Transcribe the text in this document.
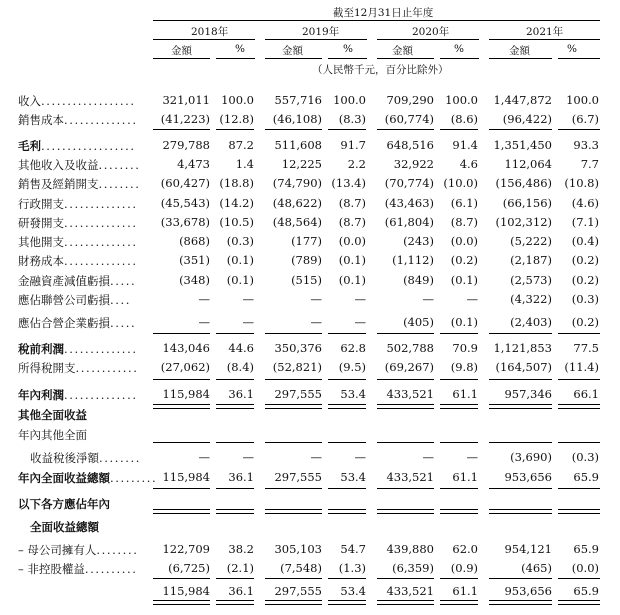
截至12月31日止年度
2018年	2019年	2020年	2021年
金額	%	金額	%	金額	%	金額	%
（人民幣千元，百分比除外）
收入.................. 321,011 100.0 557,716 100.0 709,290 100.0 1,447,872 100.0
銷售成本.............. (41,223) (12.8) (46,108) (8.3) (60,774) (8.6) (96,422) (6.7)
毛利.................. 279,788 87.2 511,608 91.7 648,516 91.4 1,351,450 93.3
其他收入及收益........	4,473 1.4 12,225 2.2 32,922 4.6 112,064 7.7
銷售及經銷開支........ (60,427) (18.8) (74,790) (13.4) (70,774) (10.0) (156,486) (10.8)
行政開支.............. (45,543) (14.2) (48,622) (8.7) (43,463) (6.1) (66,156) (4.6)
研發開支.............. (33,678) (10.5) (48,564) (8.7) (61,804) (8.7) (102,312) (7.1)
其他開支..............	(868) (0.3)	(177) (0.0)	(243) (0.0)	(5,222) (0.4)
財務成本..............	(351) (0.1)	(789) (0.1) (1,112) (0.2)	(2,187) (0.2)
金融資產減值虧損.....	(348) (0.1)	(515) (0.1)	(849) (0.1)	(2,573) (0.2)
應佔聯營公司虧損....	—	—	—	—	—	—	(4,322) (0.3)
應佔合營企業虧損.....	—	—	—	—	(405) (0.1)	(2,403) (0.2)
稅前利潤.............. 143,046 44.6 350,376 62.8 502,788 70.9 1,121,853 77.5
所得稅開支............ (27,062) (8.4) (52,821) (9.5) (69,267) (9.8) (164,507) (11.4)
年內利潤.............. 115,984 36.1 297,555 53.4 433,521 61.1 957,346 66.1
其他全面收益
年內其他全面
收益稅後淨額........	—	—	—	—	—	—	(3,690) (0.3)
年內全面收益總額......... 115,984 36.1 297,555 53.4 433,521 61.1 953,656 65.9
以下各方應佔年內
全面收益總額
– 母公司擁有人........ 122,709 38.2 305,103 54.7 439,880 62.0 954,121 65.9
– 非控股權益..........	(6,725) (2.1) (7,548) (1.3) (6,359) (0.9)	(465) (0.0)
115,984 36.1 297,555 53.4 433,521 61.1 953,656 65.9
